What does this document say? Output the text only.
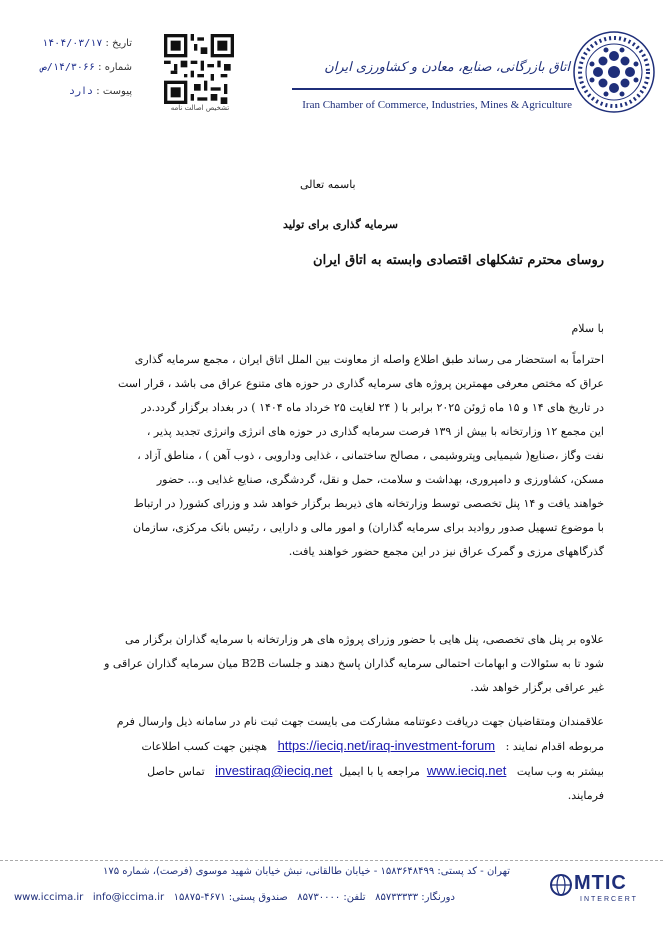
تاریخ : ۱۴۰۴/۰۳/۱۷
شماره : ۱۴/۳۰۶۶/ص
پیوست : دارد
تشخیص اصالت نامه
اتاق بازرگانی، صنایع، معادن و کشاورزی ایران
Iran Chamber of Commerce, Industries, Mines & Agriculture
باسمه تعالی
سرمایه گذاری برای تولید
روسای محترم تشکلهای اقتصادی وابسته به اتاق ایران
با سلام
احتراماً به استحضار می رساند طبق اطلاع واصله از معاونت بین الملل اتاق ایران ، مجمع سرمایه گذاری
عراق که مختص معرفی مهمترین پروژه های سرمایه گذاری در حوزه های متنوع عراق می باشد ، قرار است
در تاریخ های ۱۴ و ۱۵ ماه ژوئن ۲۰۲۵ برابر با ( ۲۴ لغایت ۲۵ خرداد ماه ۱۴۰۴ ) در بغداد برگزار گردد.در
این مجمع ۱۲ وزارتخانه با بیش از ۱۳۹ فرصت سرمایه گذاری در حوزه های انرژی وانرژی تجدید پذیر ،
نفت وگاز ،صنایع( شیمیایی وپتروشیمی ، مصالح ساختمانی ، غذایی ودارویی ، ذوب آهن ) ، مناطق آزاد ،
مسکن، کشاورزی و دامپروری، بهداشت و سلامت، حمل و نقل، گردشگری، صنایع غذایی و... حضور
خواهند یافت و ۱۴ پنل تخصصی توسط وزارتخانه های ذیربط برگزار خواهد شد و وزرای کشور( در ارتباط
با موضوع تسهیل صدور روادید برای سرمایه گذاران) و امور مالی و دارایی ، رئیس بانک مرکزی، سازمان
گذرگاههای مرزی و گمرک عراق نیز در این مجمع حضور خواهند یافت.
علاوه بر پنل های تخصصی، پنل هایی با حضور وزرای پروژه های هر وزارتخانه با سرمایه گذاران برگزار می
شود تا به سئوالات و ابهامات احتمالی سرمایه گذاران پاسخ دهند و جلسات B2B میان سرمایه گذاران عراقی و
غیر عراقی برگزار خواهد شد.
علاقمندان ومتقاضیان جهت دریافت دعوتنامه مشارکت می بایست جهت ثبت نام در سامانه ذیل وارسال فرم
مربوطه اقدام نمایند :   https://ieciq.net/iraq-investment-forum   هچنین جهت کسب اطلاعات
بیشتر به وب سایت   www.ieciq.net  مراجعه یا با ایمیل  investiraq@ieciq.net   تماس حاصل
فرمایند.
تهران - کد پستی: ۱۵۸۳۶۴۸۴۹۹ - خیابان طالقانی، نبش خیابان شهید موسوی (فرصت)، شماره ۱۷۵
www.iccima.ir info@iccima.ir	دورنگار: ۸۵۷۳۳۳۳۳   تلفن: ۸۵۷۳۰۰۰۰   صندوق پستی: ۴۶۷۱-۱۵۸۷۵
MTIC
INTERCERT
